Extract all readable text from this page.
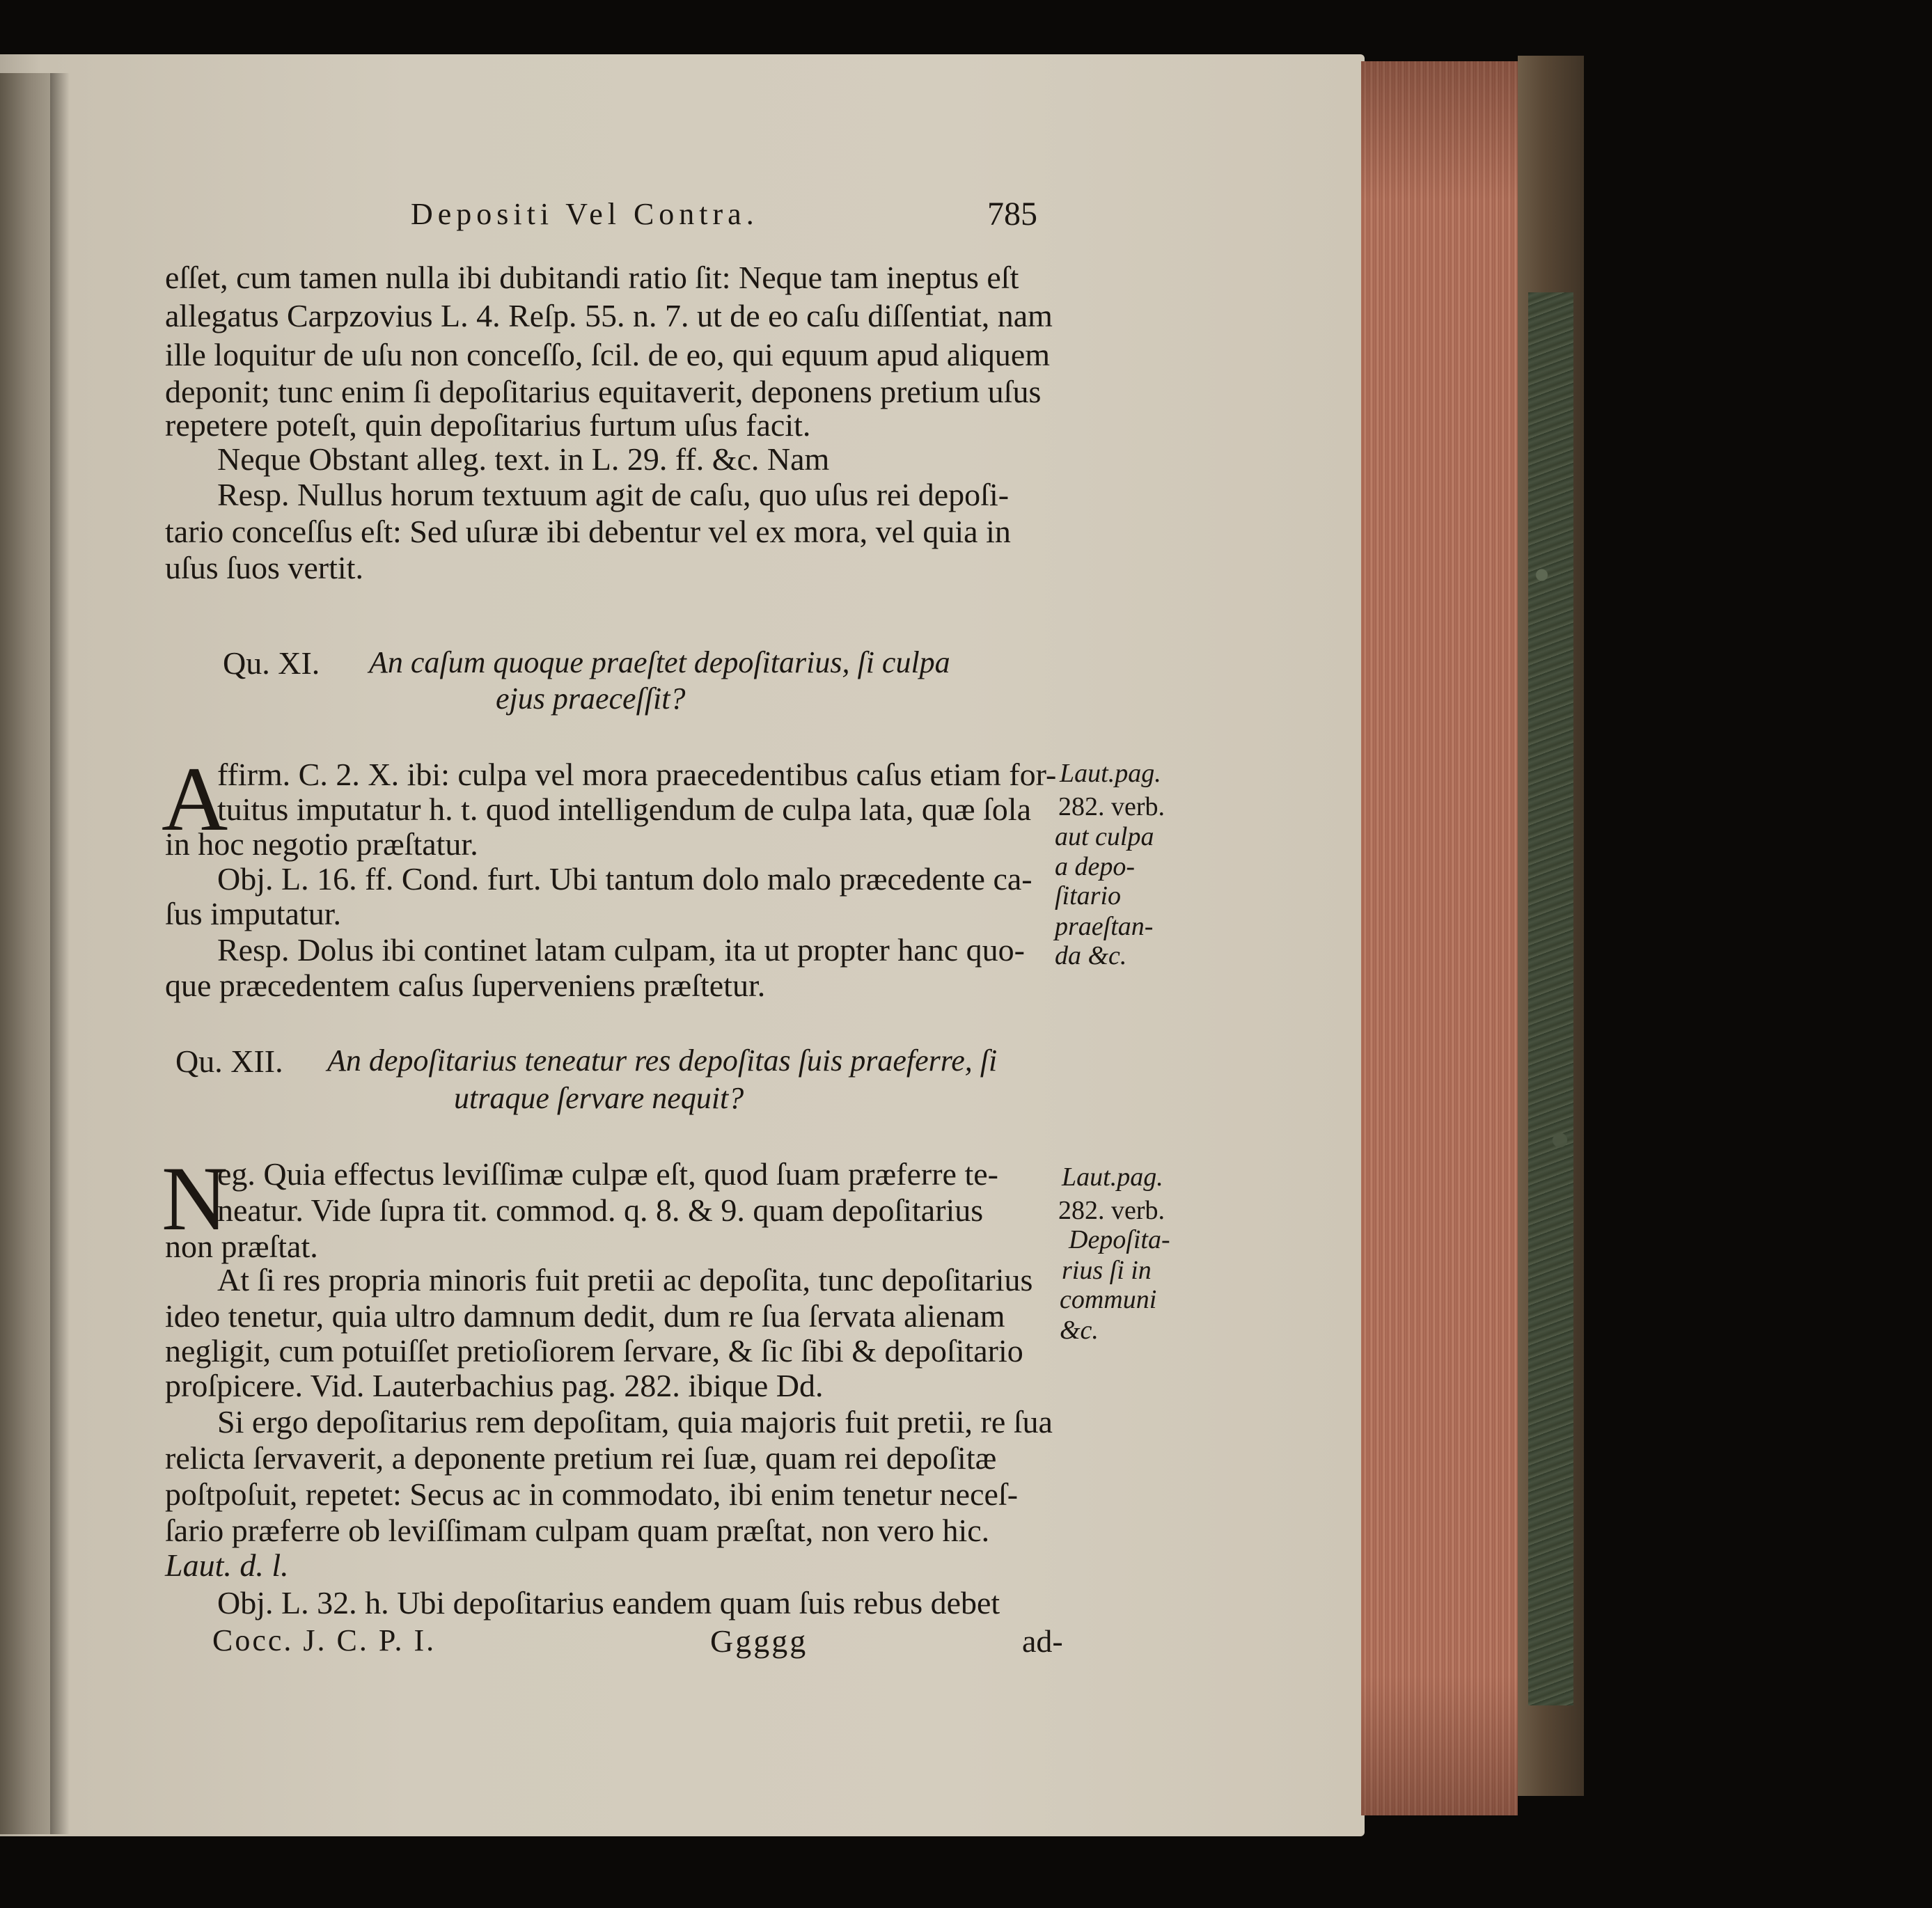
Depositi Vel Contra.	785
eſſet, cum tamen nulla ibi dubitandi ratio ſit: Neque tam ineptus eſt
allegatus Carpzovius L. 4. Reſp. 55. n. 7. ut de eo caſu diſſentiat, nam
ille loquitur de uſu non conceſſo, ſcil. de eo, qui equum apud aliquem
deponit; tunc enim ſi depoſitarius equitaverit, deponens pretium uſus
repetere poteſt, quin depoſitarius furtum uſus facit.
Neque Obstant alleg. text. in L. 29. ff. &c. Nam
Resp. Nullus horum textuum agit de caſu, quo uſus rei depoſi-
tario conceſſus eſt: Sed uſuræ ibi debentur vel ex mora, vel quia in
uſus ſuos vertit.
Qu. XI. An caſum quoque praeſtet depoſitarius, ſi culpa
ejus praeceſſit?
A
ffirm. C. 2. X. ibi: culpa vel mora praecedentibus caſus etiam for-
tuitus imputatur h. t. quod intelligendum de culpa lata, quæ ſola
in hoc negotio præſtatur.
Obj. L. 16. ff. Cond. furt. Ubi tantum dolo malo præcedente ca-
ſus imputatur.
Resp. Dolus ibi continet latam culpam, ita ut propter hanc quo-
que præcedentem caſus ſuperveniens præſtetur.
Laut.pag.
282. verb.
aut culpa
a depo-
ſitario
praeſtan-
da &c.
Qu. XII. An depoſitarius teneatur res depoſitas ſuis praeferre, ſi
utraque ſervare nequit?
N
eg. Quia effectus leviſſimæ culpæ eſt, quod ſuam præferre te-
neatur. Vide ſupra tit. commod. q. 8. & 9. quam depoſitarius
non præſtat.
At ſi res propria minoris fuit pretii ac depoſita, tunc depoſitarius
ideo tenetur, quia ultro damnum dedit, dum re ſua ſervata alienam
negligit, cum potuiſſet pretioſiorem ſervare, & ſic ſibi & depoſitario
proſpicere. Vid. Lauterbachius pag. 282. ibique Dd.
Si ergo depoſitarius rem depoſitam, quia majoris fuit pretii, re ſua
relicta ſervaverit, a deponente pretium rei ſuæ, quam rei depoſitæ
poſtpoſuit, repetet: Secus ac in commodato, ibi enim tenetur neceſ-
ſario præferre ob leviſſimam culpam quam præſtat, non vero hic.
Laut. d. l.
Obj. L. 32. h. Ubi depoſitarius eandem quam ſuis rebus debet
Laut.pag.
282. verb.
Depoſita-
rius ſi in
communi
&c.
Cocc. J. C. P. I.	Ggggg	ad-
